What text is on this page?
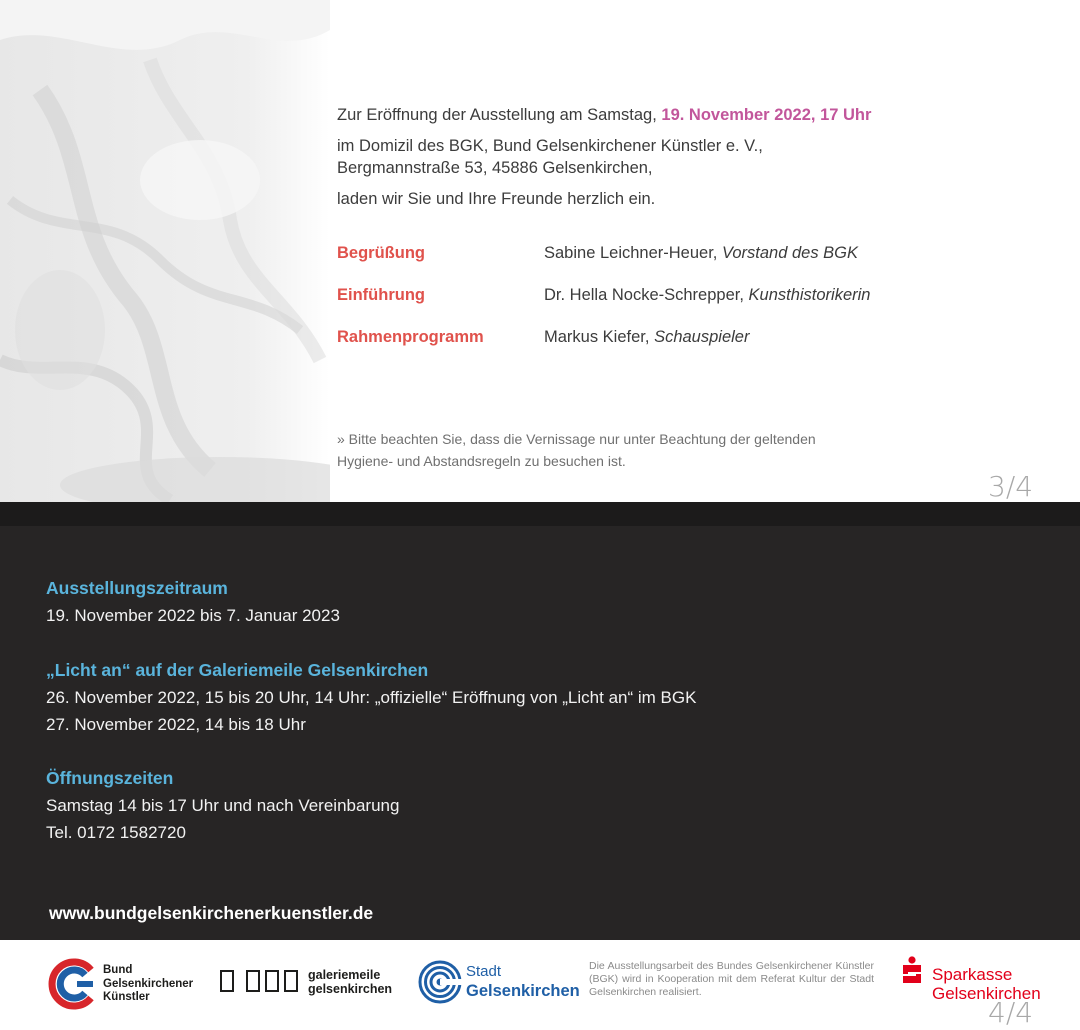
Zur Eröffnung der Ausstellung am Samstag, 19. November 2022, 17 Uhr
im Domizil des BGK, Bund Gelsenkirchener Künstler e. V.,
Bergmannstraße 53, 45886 Gelsenkirchen,
laden wir Sie und Ihre Freunde herzlich ein.
Begrüßung	Sabine Leichner-Heuer, Vorstand des BGK
Einführung	Dr. Hella Nocke-Schrepper, Kunsthistorikerin
Rahmenprogramm	Markus Kiefer, Schauspieler
» Bitte beachten Sie, dass die Vernissage nur unter Beachtung der geltenden
Hygiene- und Abstandsregeln zu besuchen ist.
3/4
Ausstellungszeitraum
19. November 2022 bis 7. Januar 2023
„Licht an“ auf der Galeriemeile Gelsenkirchen
26. November 2022, 15 bis 20 Uhr, 14 Uhr: „offizielle“ Eröffnung von „Licht an“ im BGK
27. November 2022, 14 bis 18 Uhr
Öffnungszeiten
Samstag 14 bis 17 Uhr und nach Vereinbarung
Tel. 0172 1582720
www.bundgelsenkirchenerkuenstler.de
Bund
Gelsenkirchener
Künstler
galeriemeile
gelsenkirchen
Stadt
Gelsenkirchen
Die Ausstellungsarbeit des Bundes Gelsenkirchener Künstler (BGK) wird in Kooperation mit dem Referat Kultur der Stadt Gelsenkirchen realisiert.
Sparkasse
Gelsenkirchen
4/4
